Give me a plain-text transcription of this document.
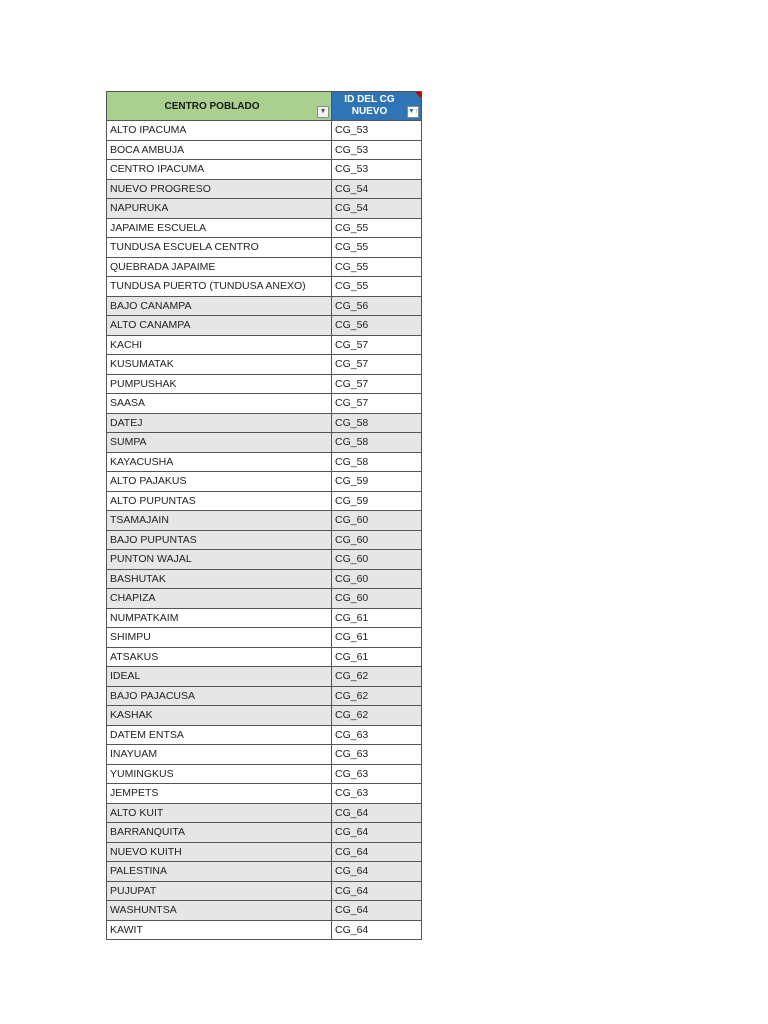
CENTRO POBLADO ▼	ID DEL CG NUEVO ▼↑

ALTO IPACUMA	CG_53
BOCA AMBUJA	CG_53
CENTRO IPACUMA	CG_53
NUEVO PROGRESO	CG_54
NAPURUKA	CG_54
JAPAIME ESCUELA	CG_55
TUNDUSA ESCUELA CENTRO	CG_55
QUEBRADA JAPAIME	CG_55
TUNDUSA PUERTO (TUNDUSA ANEXO)	CG_55
BAJO CANAMPA	CG_56
ALTO CANAMPA	CG_56
KACHI	CG_57
KUSUMATAK	CG_57
PUMPUSHAK	CG_57
SAASA	CG_57
DATEJ	CG_58
SUMPA	CG_58
KAYACUSHA	CG_58
ALTO PAJAKUS	CG_59
ALTO PUPUNTAS	CG_59
TSAMAJAIN	CG_60
BAJO PUPUNTAS	CG_60
PUNTON WAJAL	CG_60
BASHUTAK	CG_60
CHAPIZA	CG_60
NUMPATKAIM	CG_61
SHIMPU	CG_61
ATSAKUS	CG_61
IDEAL	CG_62
BAJO PAJACUSA	CG_62
KASHAK	CG_62
DATEM ENTSA	CG_63
INAYUAM	CG_63
YUMINGKUS	CG_63
JEMPETS	CG_63
ALTO KUIT	CG_64
BARRANQUITA	CG_64
NUEVO KUITH	CG_64
PALESTINA	CG_64
PUJUPAT	CG_64
WASHUNTSA	CG_64
KAWIT	CG_64
